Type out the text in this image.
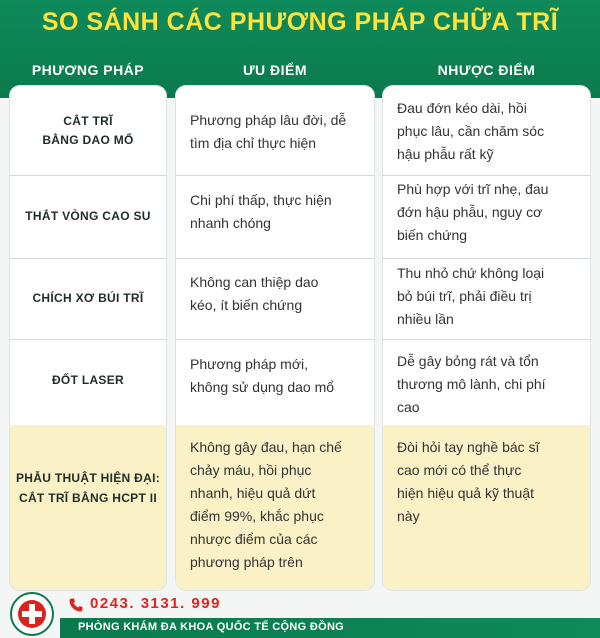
SO SÁNH CÁC PHƯƠNG PHÁP CHỮA TRĨ
PHƯƠNG PHÁP	ƯU ĐIỂM	NHƯỢC ĐIỂM
CẮT TRĨ
BẰNG DAO MỔ
THẮT VÒNG CAO SU
CHÍCH XƠ BÚI TRĨ
ĐỐT LASER
PHẪU THUẬT HIỆN ĐẠI:
CẮT TRĨ BẰNG HCPT II
Phương pháp lâu đời, dễ
tìm địa chỉ thực hiện
Chi phí thấp, thực hiện
nhanh chóng
Không can thiệp dao
kéo, ít biến chứng
Phương pháp mới,
không sử dụng dao mổ
Không gây đau, hạn chế
chảy máu, hồi phục
nhanh, hiệu quả dứt
điểm 99%, khắc phục
nhược điểm của các
phương pháp trên
Đau đớn kéo dài, hồi
phục lâu, cần chăm sóc
hậu phẫu rất kỹ
Phù hợp với trĩ nhẹ, đau
đớn hậu phẫu, nguy cơ
biến chứng
Thu nhỏ chứ không loại
bỏ búi trĩ, phải điều trị
nhiều lần
Dễ gây bỏng rát và tổn
thương mô lành, chi phí
cao
Đòi hỏi tay nghề bác sĩ
cao mới có thể thực
hiện hiệu quả kỹ thuật
này
PHÒNG KHÁM ĐA KHOA QUỐC TẾ CỘNG ĐỒNG
0243. 3131. 999
